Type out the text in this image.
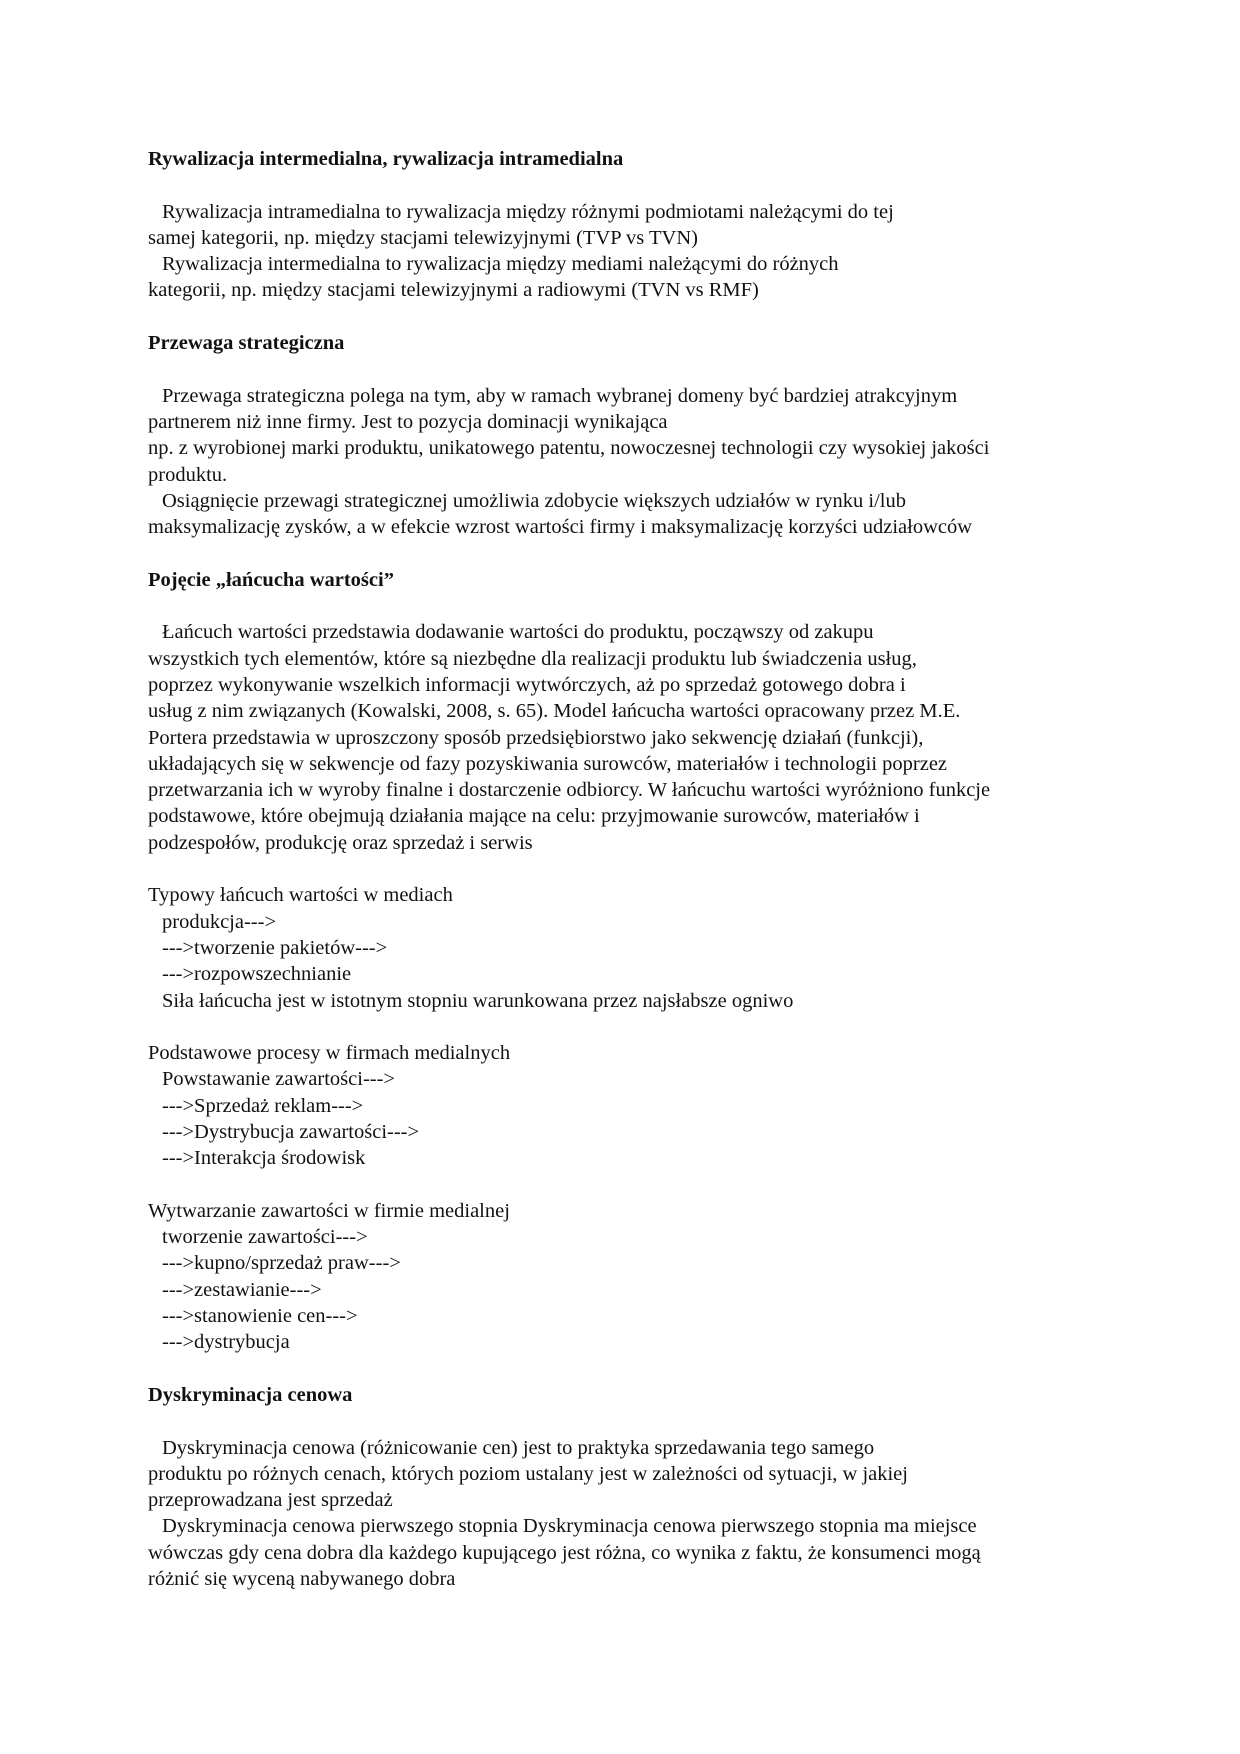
Rywalizacja intermedialna, rywalizacja intramedialna
Rywalizacja intramedialna to rywalizacja między różnymi podmiotami należącymi do tej
samej kategorii, np. między stacjami telewizyjnymi (TVP vs TVN)
Rywalizacja intermedialna to rywalizacja między mediami należącymi do różnych
kategorii, np. między stacjami telewizyjnymi a radiowymi (TVN vs RMF)
Przewaga strategiczna
Przewaga strategiczna polega na tym, aby w ramach wybranej domeny być bardziej atrakcyjnym
partnerem niż inne firmy. Jest to pozycja dominacji wynikająca
np. z wyrobionej marki produktu, unikatowego patentu, nowoczesnej technologii czy wysokiej jakości
produktu.
Osiągnięcie przewagi strategicznej umożliwia zdobycie większych udziałów w rynku i/lub
maksymalizację zysków, a w efekcie wzrost wartości firmy i maksymalizację korzyści udziałowców
Pojęcie „łańcucha wartości”
Łańcuch wartości przedstawia dodawanie wartości do produktu, począwszy od zakupu
wszystkich tych elementów, które są niezbędne dla realizacji produktu lub świadczenia usług,
poprzez wykonywanie wszelkich informacji wytwórczych, aż po sprzedaż gotowego dobra i
usług z nim związanych (Kowalski, 2008, s. 65). Model łańcucha wartości opracowany przez M.E.
Portera przedstawia w uproszczony sposób przedsiębiorstwo jako sekwencję działań (funkcji),
układających się w sekwencje od fazy pozyskiwania surowców, materiałów i technologii poprzez
przetwarzania ich w wyroby finalne i dostarczenie odbiorcy. W łańcuchu wartości wyróżniono funkcje
podstawowe, które obejmują działania mające na celu: przyjmowanie surowców, materiałów i
podzespołów, produkcję oraz sprzedaż i serwis
Typowy łańcuch wartości w mediach
produkcja--->
--->tworzenie pakietów--->
--->rozpowszechnianie
Siła łańcucha jest w istotnym stopniu warunkowana przez najsłabsze ogniwo
Podstawowe procesy w firmach medialnych
Powstawanie zawartości--->
--->Sprzedaż reklam--->
--->Dystrybucja zawartości--->
--->Interakcja środowisk
Wytwarzanie zawartości w firmie medialnej
tworzenie zawartości--->
--->kupno/sprzedaż praw--->
--->zestawianie--->
--->stanowienie cen--->
--->dystrybucja
Dyskryminacja cenowa
Dyskryminacja cenowa (różnicowanie cen) jest to praktyka sprzedawania tego samego
produktu po różnych cenach, których poziom ustalany jest w zależności od sytuacji, w jakiej
przeprowadzana jest sprzedaż
Dyskryminacja cenowa pierwszego stopnia Dyskryminacja cenowa pierwszego stopnia ma miejsce
wówczas gdy cena dobra dla każdego kupującego jest różna, co wynika z faktu, że konsumenci mogą
różnić się wyceną nabywanego dobra
